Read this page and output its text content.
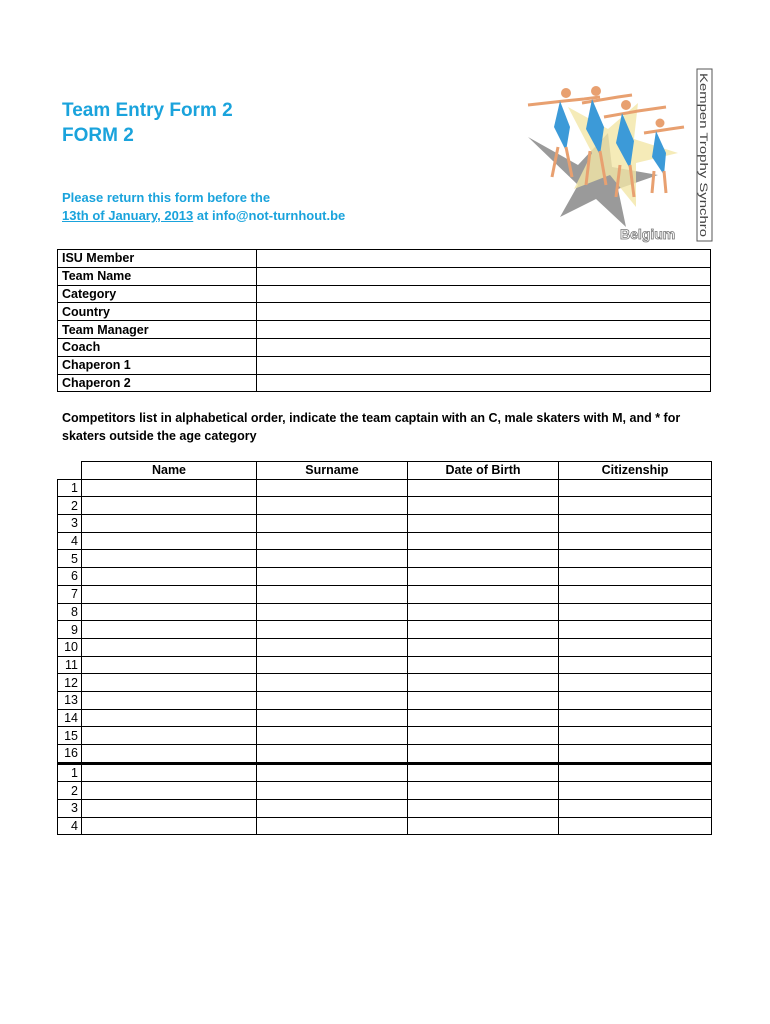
Team Entry Form 2
FORM 2
Please return this form before the
13th of January, 2013 at info@not-turnhout.be
Belgium
Kempen Trophy Synchro
ISU Member	
Team Name	
Category	
Country	
Team Manager	
Coach	
Chaperon 1	
Chaperon 2	
Competitors list in alphabetical order, indicate the team captain with an C, male skaters with M, and * for skaters outside the age category
	Name	Surname	Date of Birth	Citizenship
1				
2				
3				
4				
5				
6				
7				
8				
9				
10				
11				
12				
13				
14				
15				
16				
1				
2				
3				
4				
